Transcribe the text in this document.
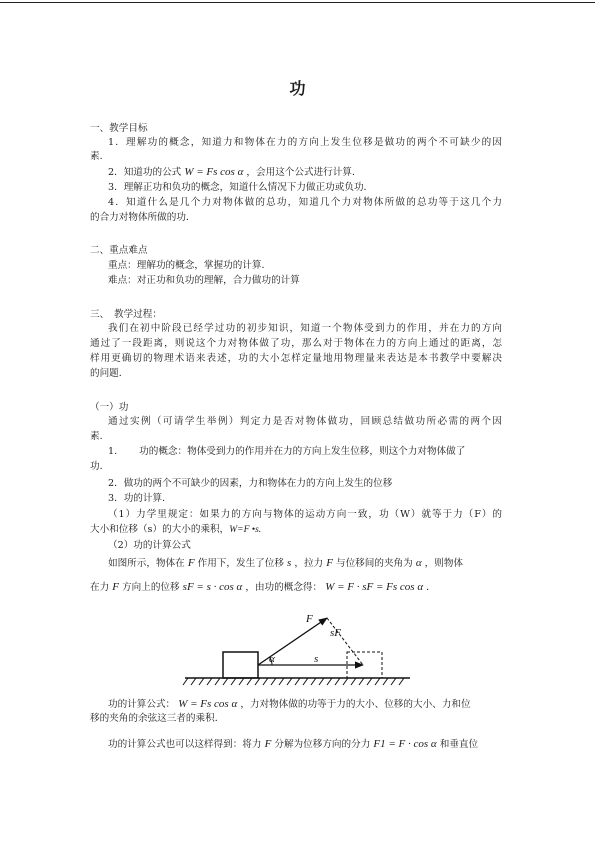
功
一、教学目标
1．理解功的概念，知道力和物体在力的方向上发生位移是做功的两个不可缺少的因
素．
2．知道功的公式 W = Fs cos α ，会用这个公式进行计算．
3．理解正功和负功的概念，知道什么情况下力做正功或负功．
4．知道什么是几个力对物体做的总功，知道几个力对物体所做的总功等于这几个力
的合力对物体所做的功．
二、重点难点
重点：理解功的概念，掌握功的计算．
难点：对正功和负功的理解，合力做功的计算
三、　教学过程：
我们在初中阶段已经学过功的初步知识，知道一个物体受到力的作用，并在力的方向
通过了一段距离，则说这个力对物体做了功，那么对于物体在力的方向上通过的距离，怎
样用更确切的物理术语来表述，功的大小怎样定量地用物理量来表达是本书教学中要解决
的问题．
（一）功
通过实例（可请学生举例）判定力是否对物体做功，回顾总结做功所必需的两个因
素．
1. 功的概念：物体受到力的作用并在力的方向上发生位移，则这个力对物体做了
功．
2．做功的两个不可缺少的因素，力和物体在力的方向上发生的位移
3．功的计算．
（1）力学里规定：如果力的方向与物体的运动方向一致，功（W）就等于力（F）的
大小和位移（s）的大小的乘积，W=F •s.
（2）功的计算公式
如图所示，物体在 F 作用下，发生了位移 s ，拉力 F 与位移间的夹角为 α ，则物体
在力 F 方向上的位移 sF = s · cos α ，由功的概念得： W = F · sF = Fs cos α ．
F
sF
α	s
功的计算公式： W = Fs cos α ，力对物体做的功等于力的大小、位移的大小、力和位
移的夹角的余弦这三者的乘积．
功的计算公式也可以这样得到：将力 F 分解为位移方向的分力 F1 = F · cos α 和垂直位
